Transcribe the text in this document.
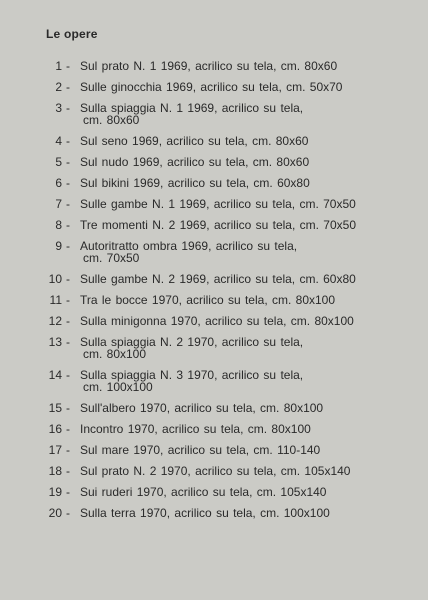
Le opere
1 - Sul prato N. 1 1969, acrilico su tela, cm. 80x60
2 - Sulle ginocchia 1969, acrilico su tela, cm. 50x70
3 - Sulla spiaggia N. 1 1969, acrilico su tela,
cm. 80x60
4 - Sul seno 1969, acrilico su tela, cm. 80x60
5 - Sul nudo 1969, acrilico su tela, cm. 80x60
6 - Sul bikini 1969, acrilico su tela, cm. 60x80
7 - Sulle gambe N. 1 1969, acrilico su tela, cm. 70x50
8 - Tre momenti N. 2 1969, acrilico su tela, cm. 70x50
9 - Autoritratto ombra 1969, acrilico su tela,
cm. 70x50
10 - Sulle gambe N. 2 1969, acrilico su tela, cm. 60x80
11 - Tra le bocce 1970, acrilico su tela, cm. 80x100
12 - Sulla minigonna 1970, acrilico su tela, cm. 80x100
13 - Sulla spiaggia N. 2 1970, acrilico su tela,
cm. 80x100
14 - Sulla spiaggia N. 3 1970, acrilico su tela,
cm. 100x100
15 - Sull'albero 1970, acrilico su tela, cm. 80x100
16 - Incontro 1970, acrilico su tela, cm. 80x100
17 - Sul mare 1970, acrilico su tela, cm. 110-140
18 - Sul prato N. 2 1970, acrilico su tela, cm. 105x140
19 - Sui ruderi 1970, acrilico su tela, cm. 105x140
20 - Sulla terra 1970, acrilico su tela, cm. 100x100
